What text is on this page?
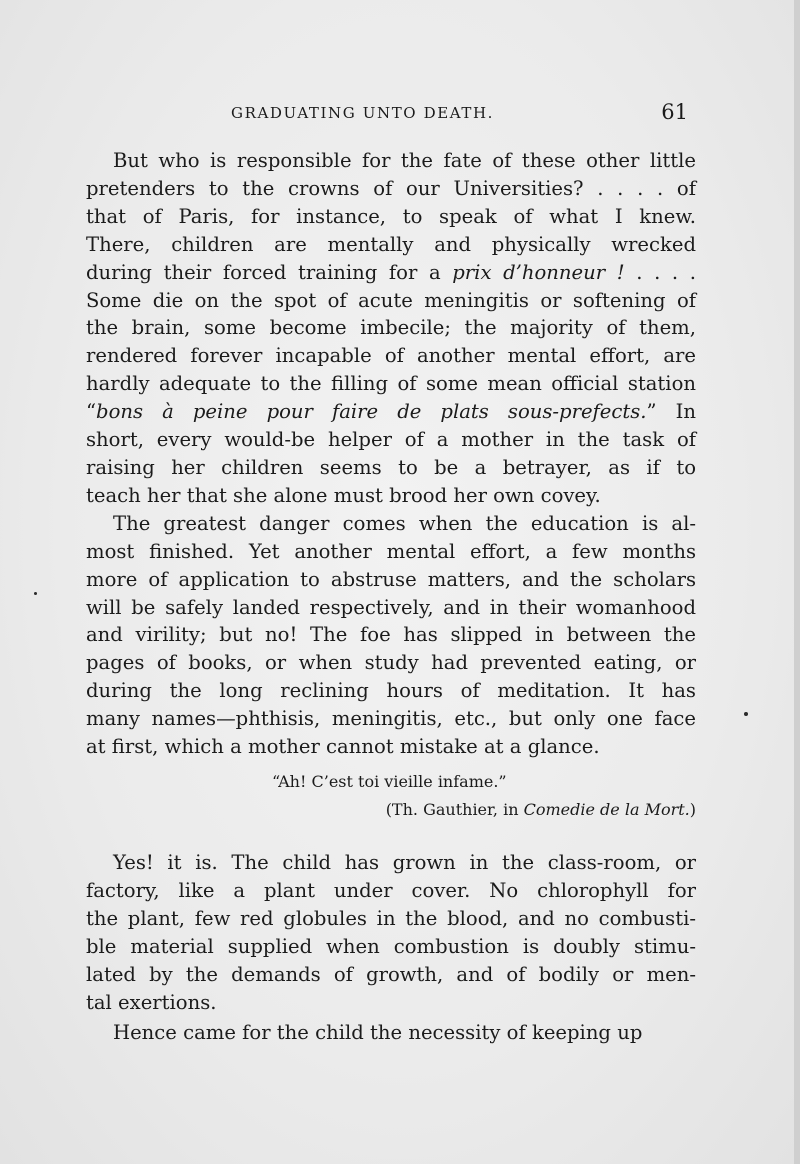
GRADUATING UNTO DEATH.	61
But who is responsible for the fate of these other little
pretenders to the crowns of our Universities? . . . . of
that of Paris, for instance, to speak of what I knew.
There, children are mentally and physically wrecked
during their forced training for a prix d’honneur ! . . . .
Some die on the spot of acute meningitis or softening of
the brain, some become imbecile; the majority of them,
rendered forever incapable of another mental effort, are
hardly adequate to the filling of some mean official station
“bons à peine pour faire de plats sous-prefects.” In
short, every would-be helper of a mother in the task of
raising her children seems to be a betrayer, as if to
teach her that she alone must brood her own covey.
The greatest danger comes when the education is al-
most finished. Yet another mental effort, a few months
more of application to abstruse matters, and the scholars
will be safely landed respectively, and in their womanhood
and virility; but no! The foe has slipped in between the
pages of books, or when study had prevented eating, or
during the long reclining hours of meditation. It has
many names—phthisis, meningitis, etc., but only one face
at first, which a mother cannot mistake at a glance.
“Ah! C’est toi vieille infame.”
(Th. Gauthier, in Comedie de la Mort.)
Yes! it is. The child has grown in the class-room, or
factory, like a plant under cover. No chlorophyll for
the plant, few red globules in the blood, and no combusti-
ble material supplied when combustion is doubly stimu-
lated by the demands of growth, and of bodily or men-
tal exertions.
Hence came for the child the necessity of keeping up
